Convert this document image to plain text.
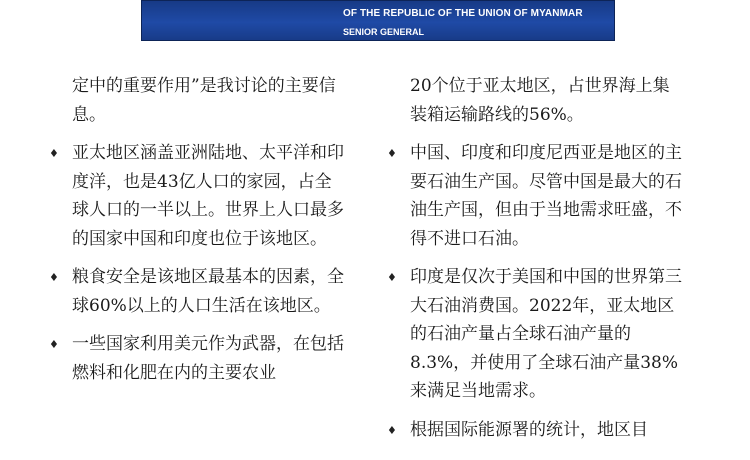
OF THE REPUBLIC OF THE UNION OF MYANMAR
SENIOR GENERAL

定中的重要作用”是我讨论的主要信息。

♦ 亚太地区涵盖亚洲陆地、太平洋和印度洋，也是43亿人口的家园，占全球人口的一半以上。世界上人口最多的国家中国和印度也位于该地区。

♦ 粮食安全是该地区最基本的因素，全球60%以上的人口生活在该地区。

♦ 一些国家利用美元作为武器，在包括燃料和化肥在内的主要农业

20个位于亚太地区，占世界海上集装箱运输路线的56%。

♦ 中国、印度和印度尼西亚是地区的主要石油生产国。尽管中国是最大的石油生产国，但由于当地需求旺盛，不得不进口石油。

♦ 印度是仅次于美国和中国的世界第三大石油消费国。2022年，亚太地区的石油产量占全球石油产量的8.3%，并使用了全球石油产量38%来满足当地需求。

♦ 根据国际能源署的统计，地区目
